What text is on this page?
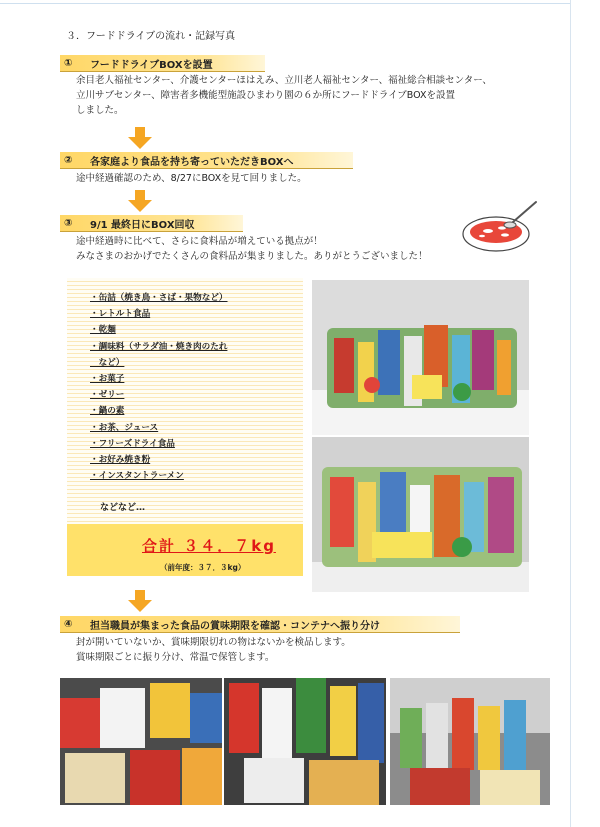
３．フードドライブの流れ・記録写真
①	フードドライブBOXを設置
余目老人福祉センター、介護センターほはえみ、立川老人福祉センター、福祉総合相談センター、
立川サブセンター、障害者多機能型施設ひまわり園の６か所にフードドライブBOXを設置
しました。
②	各家庭より食品を持ち寄っていただきBOXへ
途中経過確認のため、8/27にBOXを見て回りました。
③	9/1 最終日にBOX回収
途中経過時に比べて、さらに食料品が増えている拠点が！
みなさまのおかげでたくさんの食料品が集まりました。ありがとうございました！
・缶詰（焼き鳥・さば・果物など）
・レトルト食品
・乾麺
・調味料（サラダ油・焼き肉のたれ
　など）
・お菓子
・ゼリー
・鍋の素
・お茶、ジュース
・フリーズドライ食品
・お好み焼き粉
・インスタントラーメン
などなど…
合計 ３４．７kg
（前年度：３７．３kg）
④	担当職員が集まった食品の賞味期限を確認・コンテナへ振り分け
封が開いていないか、賞味期限切れの物はないかを検品します。
賞味期限ごとに振り分け、常温で保管します。
